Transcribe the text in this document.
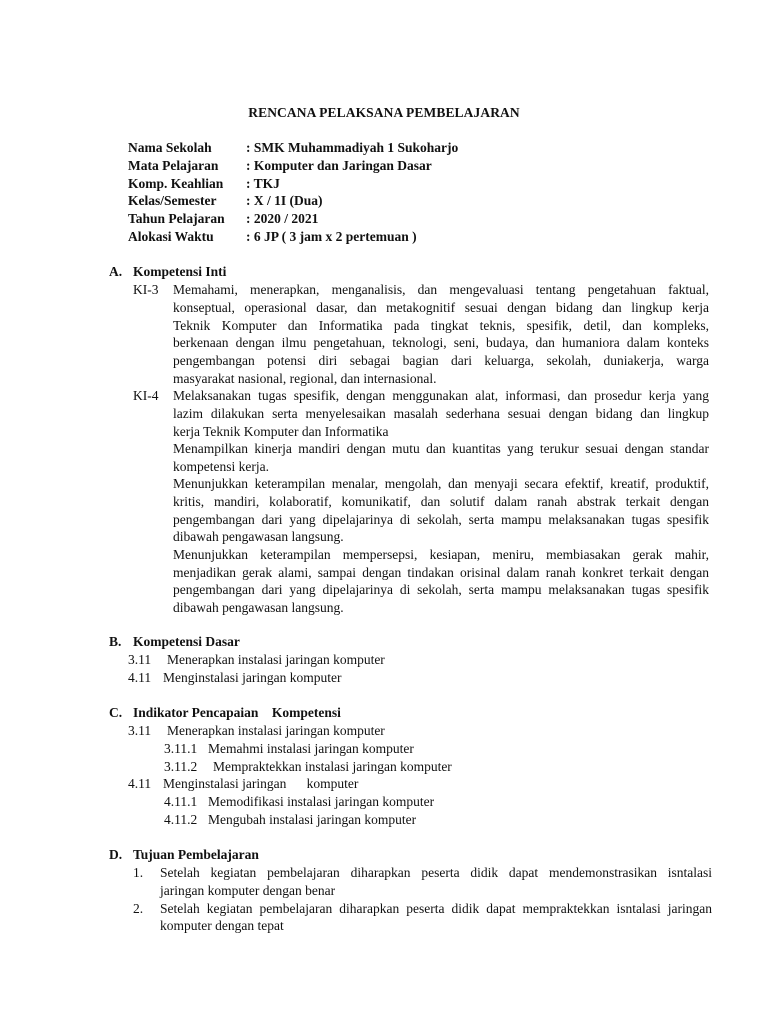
RENCANA PELAKSANA PEMBELAJARAN
Nama Sekolah	: SMK Muhammadiyah 1 Sukoharjo
Mata Pelajaran : Komputer dan Jaringan Dasar
Komp. Keahlian : TKJ
Kelas/Semester : X / 1I (Dua)
Tahun Pelajaran : 2020 / 2021
Alokasi Waktu : 6 JP ( 3 jam x 2 pertemuan )
A. Kompetensi Inti
KI-3 Memahami, menerapkan, menganalisis, dan mengevaluasi tentang pengetahuan faktual,
konseptual, operasional dasar, dan metakognitif sesuai dengan bidang dan lingkup kerja
Teknik Komputer dan Informatika pada tingkat teknis, spesifik, detil, dan kompleks,
berkenaan dengan ilmu pengetahuan, teknologi, seni, budaya, dan humaniora dalam konteks
pengembangan potensi diri sebagai bagian dari keluarga, sekolah, duniakerja, warga
masyarakat nasional, regional, dan internasional.
KI-4 Melaksanakan tugas spesifik, dengan menggunakan alat, informasi, dan prosedur kerja yang
lazim dilakukan serta menyelesaikan masalah sederhana sesuai dengan bidang dan lingkup
kerja Teknik Komputer dan Informatika
Menampilkan kinerja mandiri dengan mutu dan kuantitas yang terukur sesuai dengan standar
kompetensi kerja.
Menunjukkan keterampilan menalar, mengolah, dan menyaji secara efektif, kreatif, produktif,
kritis, mandiri, kolaboratif, komunikatif, dan solutif dalam ranah abstrak terkait dengan
pengembangan dari yang dipelajarinya di sekolah, serta mampu melaksanakan tugas spesifik
dibawah pengawasan langsung.
Menunjukkan keterampilan mempersepsi, kesiapan, meniru, membiasakan gerak mahir,
menjadikan gerak alami, sampai dengan tindakan orisinal dalam ranah konkret terkait dengan
pengembangan dari yang dipelajarinya di sekolah, serta mampu melaksanakan tugas spesifik
dibawah pengawasan langsung.
B. Kompetensi Dasar
3.11 Menerapkan instalasi jaringan komputer
4.11 Menginstalasi jaringan komputer
C. Indikator Pencapaian    Kompetensi
3.11 Menerapkan instalasi jaringan komputer
3.11.1 Memahmi instalasi jaringan komputer
3.11.2 Mempraktekkan instalasi jaringan komputer
4.11 Menginstalasi jaringan      komputer
4.11.1 Memodifikasi instalasi jaringan komputer
4.11.2 Mengubah instalasi jaringan komputer
D. Tujuan Pembelajaran
1. Setelah kegiatan pembelajaran diharapkan peserta didik dapat mendemonstrasikan isntalasi
jaringan komputer dengan benar
2. Setelah kegiatan pembelajaran diharapkan peserta didik dapat mempraktekkan isntalasi jaringan
komputer dengan tepat
